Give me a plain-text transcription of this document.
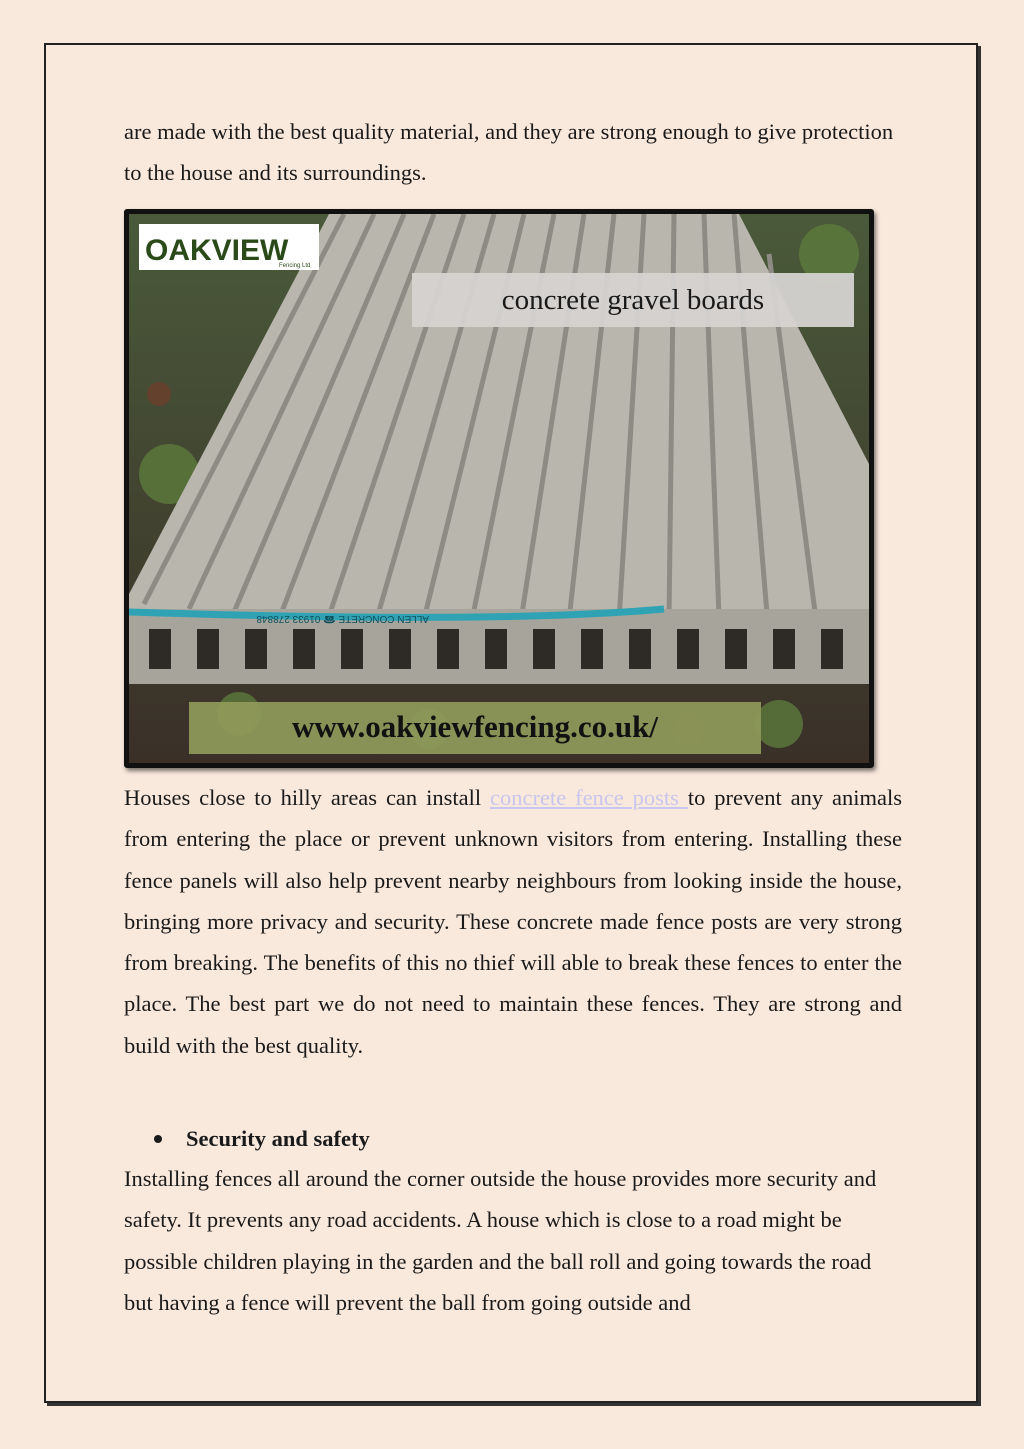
are made with the best quality material, and they are strong enough to give protection to the house and its surroundings.

ALLEN CONCRETE ☎ 01933 278848
OAKVIEW
Fencing Ltd
concrete gravel boards
www.oakviewfencing.co.uk/

Houses close to hilly areas can install concrete fence posts to prevent any animals from entering the place or prevent unknown visitors from entering. Installing these fence panels will also help prevent nearby neighbours from looking inside the house, bringing more privacy and security. These concrete made fence posts are very strong from breaking. The benefits of this no thief will able to break these fences to enter the place. The best part we do not need to maintain these fences. They are strong and build with the best quality.

Security and safety

Installing fences all around the corner outside the house provides more security and safety. It prevents any road accidents. A house which is close to a road might be possible children playing in the garden and the ball roll and going towards the road but having a fence will prevent the ball from going outside and
